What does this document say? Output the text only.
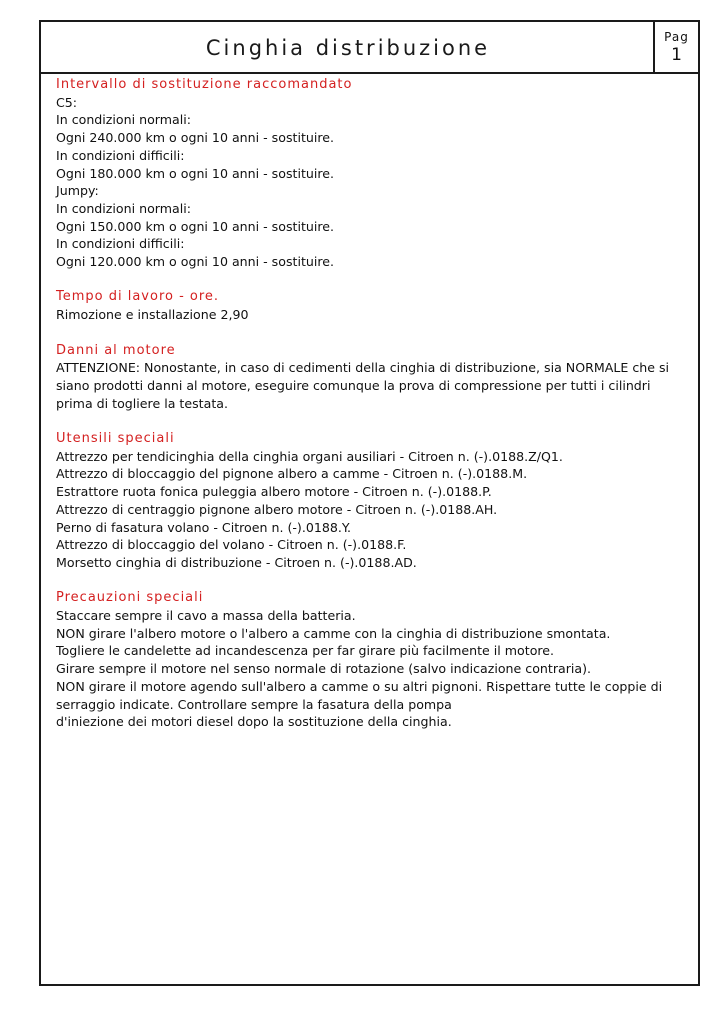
Cinghia distribuzione	Pag
1
Intervallo di sostituzione raccomandato
C5:
In condizioni normali:
Ogni 240.000 km o ogni 10 anni - sostituire.
In condizioni difficili:
Ogni 180.000 km o ogni 10 anni - sostituire.
Jumpy:
In condizioni normali:
Ogni 150.000 km o ogni 10 anni - sostituire.
In condizioni difficili:
Ogni 120.000 km o ogni 10 anni - sostituire.
Tempo di lavoro - ore.
Rimozione e installazione 2,90
Danni al motore
ATTENZIONE: Nonostante, in caso di cedimenti della cinghia di distribuzione, sia NORMALE che si siano prodotti danni al motore, eseguire comunque la prova di compressione per tutti i cilindri prima di togliere la testata.
Utensili speciali
Attrezzo per tendicinghia della cinghia organi ausiliari - Citroen n. (-).0188.Z/Q1.
Attrezzo di bloccaggio del pignone albero a camme - Citroen n. (-).0188.M.
Estrattore ruota fonica puleggia albero motore - Citroen n. (-).0188.P.
Attrezzo di centraggio pignone albero motore - Citroen n. (-).0188.AH.
Perno di fasatura volano - Citroen n. (-).0188.Y.
Attrezzo di bloccaggio del volano - Citroen n. (-).0188.F.
Morsetto cinghia di distribuzione - Citroen n. (-).0188.AD.
Precauzioni speciali
Staccare sempre il cavo a massa della batteria.
NON girare l'albero motore o l'albero a camme con la cinghia di distribuzione smontata.
Togliere le candelette ad incandescenza per far girare più facilmente il motore.
Girare sempre il motore nel senso normale di rotazione (salvo indicazione contraria).
NON girare il motore agendo sull'albero a camme o su altri pignoni. Rispettare tutte le coppie di serraggio indicate. Controllare sempre la fasatura della pompa
d'iniezione dei motori diesel dopo la sostituzione della cinghia.
